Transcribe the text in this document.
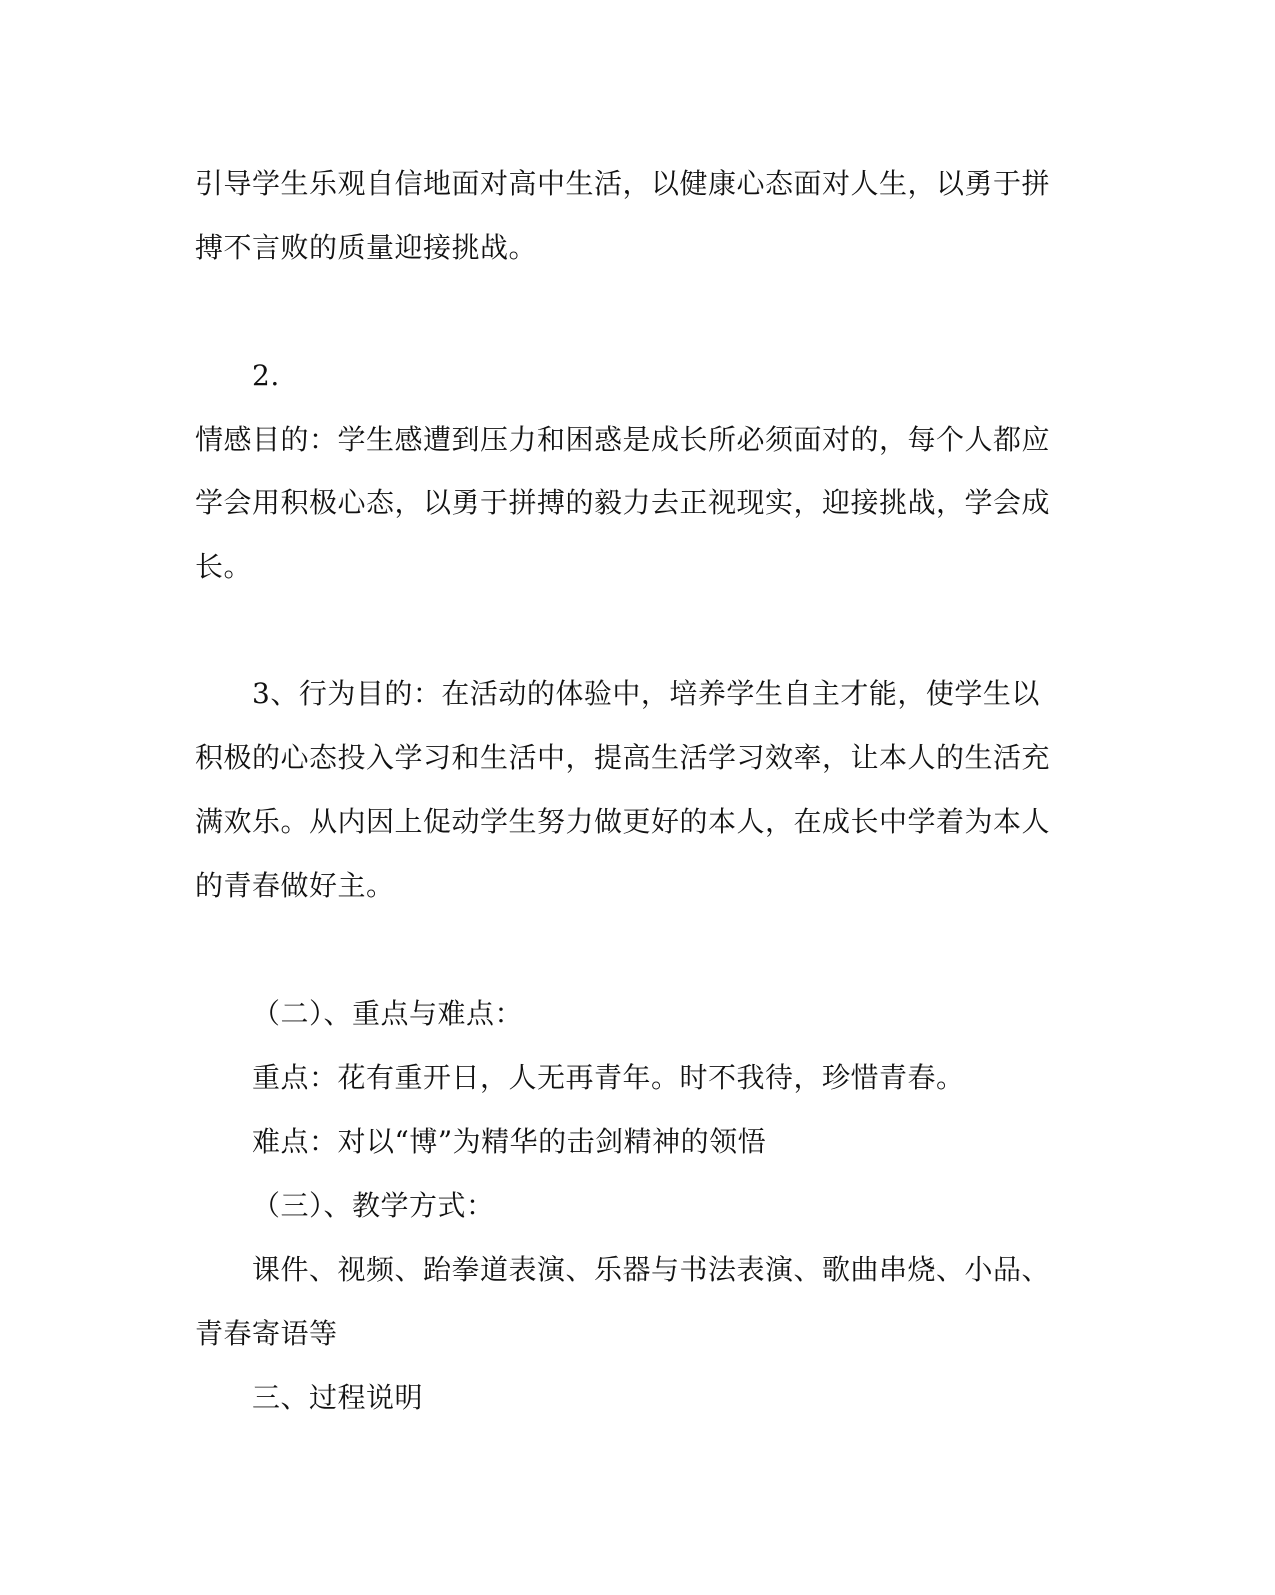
引导学生乐观自信地面对高中生活，以健康心态面对人生，以勇于拼
搏不言败的质量迎接挑战。
2.
情感目的：学生感遭到压力和困惑是成长所必须面对的，每个人都应
学会用积极心态，以勇于拼搏的毅力去正视现实，迎接挑战，学会成
长。
3、行为目的：在活动的体验中，培养学生自主才能，使学生以
积极的心态投入学习和生活中，提高生活学习效率，让本人的生活充
满欢乐。从内因上促动学生努力做更好的本人，在成长中学着为本人
的青春做好主。
（二）、重点与难点：
重点：花有重开日，人无再青年。时不我待，珍惜青春。
难点：对以“博”为精华的击剑精神的领悟
（三）、教学方式：
课件、视频、跆拳道表演、乐器与书法表演、歌曲串烧、小品、
青春寄语等
三、过程说明
